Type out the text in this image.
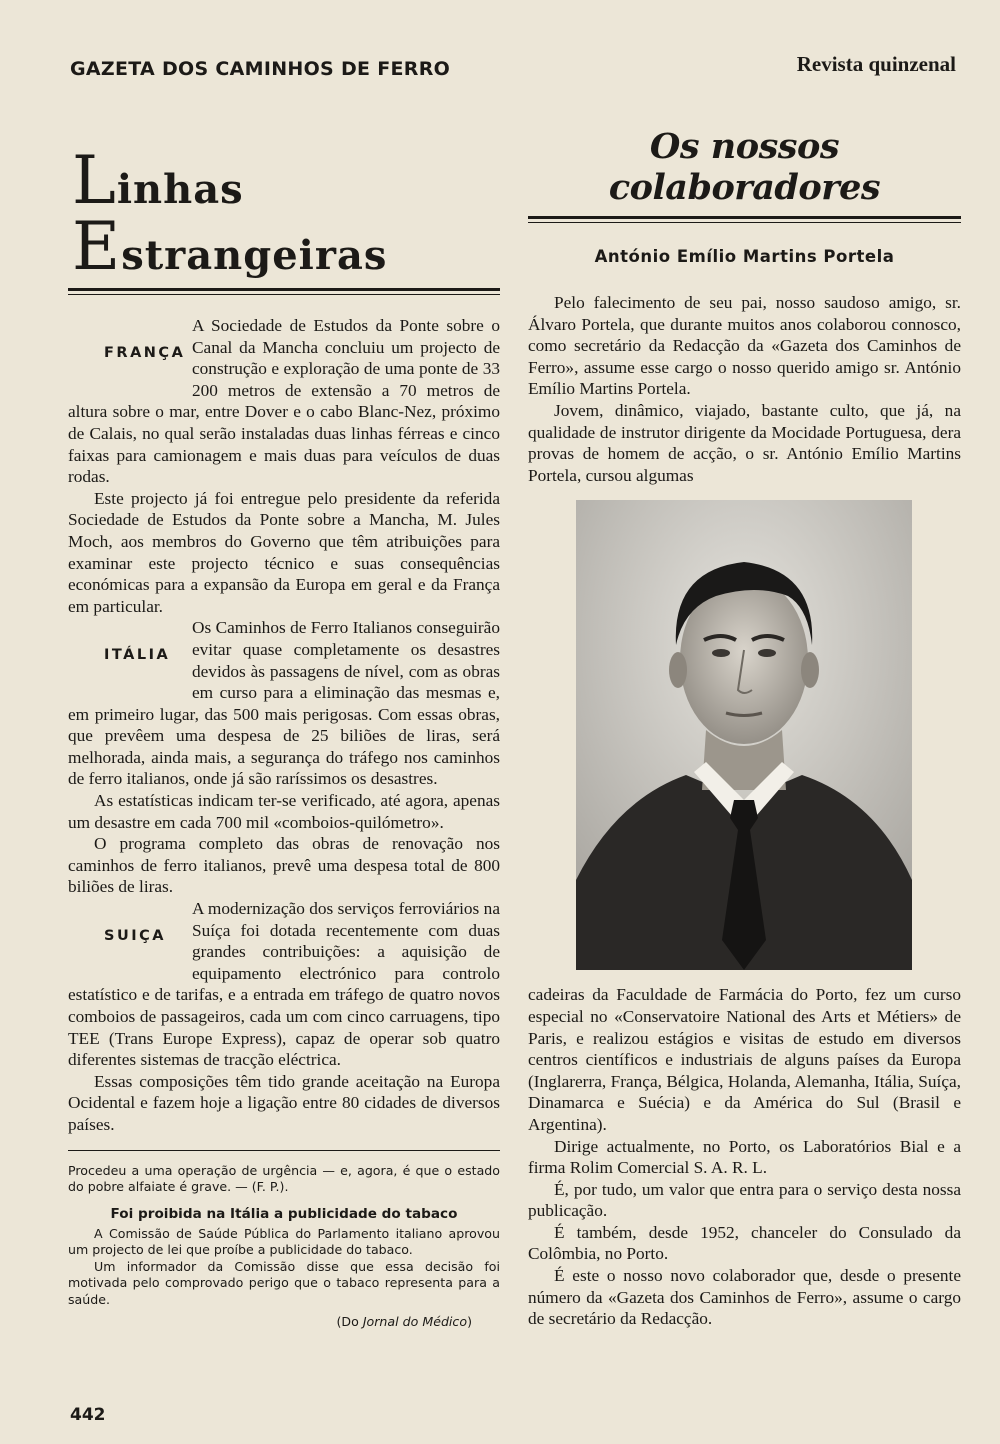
GAZETA DOS CAMINHOS DE FERRO	Revista quinzenal
Linhas Estrangeiras
FRANÇA

A Sociedade de Estudos da Ponte sobre o Canal da Mancha concluiu um projecto de construção e exploração de uma ponte de 33 200 metros de extensão a 70 metros de altura sobre o mar, entre Dover e o cabo Blanc-Nez, próximo de Calais, no qual serão instaladas duas linhas férreas e cinco faixas para camionagem e mais duas para veículos de duas rodas.

Este projecto já foi entregue pelo presidente da referida Sociedade de Estudos da Ponte sobre a Mancha, M. Jules Moch, aos membros do Governo que têm atribuições para examinar este projecto técnico e suas consequências económicas para a expansão da Europa em geral e da França em particular.

ITÁLIA

Os Caminhos de Ferro Italianos conseguirão evitar quase completamente os desastres devidos às passagens de nível, com as obras em curso para a eliminação das mesmas e, em primeiro lugar, das 500 mais perigosas. Com essas obras, que prevêem uma despesa de 25 biliões de liras, será melhorada, ainda mais, a segurança do tráfego nos caminhos de ferro italianos, onde já são raríssimos os desastres.

As estatísticas indicam ter-se verificado, até agora, apenas um desastre em cada 700 mil «comboios-quilómetro».

O programa completo das obras de renovação nos caminhos de ferro italianos, prevê uma despesa total de 800 biliões de liras.

SUIÇA

A modernização dos serviços ferroviários na Suíça foi dotada recentemente com duas grandes contribuições: a aquisição de equipamento electrónico para controlo estatístico e de tarifas, e a entrada em tráfego de quatro novos comboios de passageiros, cada um com cinco carruagens, tipo TEE (Trans Europe Express), capaz de operar sob quatro diferentes sistemas de tracção eléctrica.

Essas composições têm tido grande aceitação na Europa Ocidental e fazem hoje a ligação entre 80 cidades de diversos países.

Procedeu a uma operação de urgência — e, agora, é que o estado do pobre alfaiate é grave. — (F. P.).

Foi proibida na Itália a publicidade do tabaco

A Comissão de Saúde Pública do Parlamento italiano aprovou um projecto de lei que proíbe a publicidade do tabaco.

Um informador da Comissão disse que essa decisão foi motivada pelo comprovado perigo que o tabaco representa para a saúde.

(Do Jornal do Médico)
Os nossos colaboradores
António Emílio Martins Portela

Pelo falecimento de seu pai, nosso saudoso amigo, sr. Álvaro Portela, que durante muitos anos colaborou connosco, como secretário da Redacção da «Gazeta dos Caminhos de Ferro», assume esse cargo o nosso querido amigo sr. António Emílio Martins Portela.

Jovem, dinâmico, viajado, bastante culto, que já, na qualidade de instrutor dirigente da Mocidade Portuguesa, dera provas de homem de acção, o sr. António Emílio Martins Portela, cursou algumas

cadeiras da Faculdade de Farmácia do Porto, fez um curso especial no «Conservatoire National des Arts et Métiers» de Paris, e realizou estágios e visitas de estudo em diversos centros científicos e industriais de alguns países da Europa (Inglarerra, França, Bélgica, Holanda, Alemanha, Itália, Suíça, Dinamarca e Suécia) e da América do Sul (Brasil e Argentina).

Dirige actualmente, no Porto, os Laboratórios Bial e a firma Rolim Comercial S. A. R. L.

É, por tudo, um valor que entra para o serviço desta nossa publicação.

É também, desde 1952, chanceler do Consulado da Colômbia, no Porto.

É este o nosso novo colaborador que, desde o presente número da «Gazeta dos Caminhos de Ferro», assume o cargo de secretário da Redacção.

442
